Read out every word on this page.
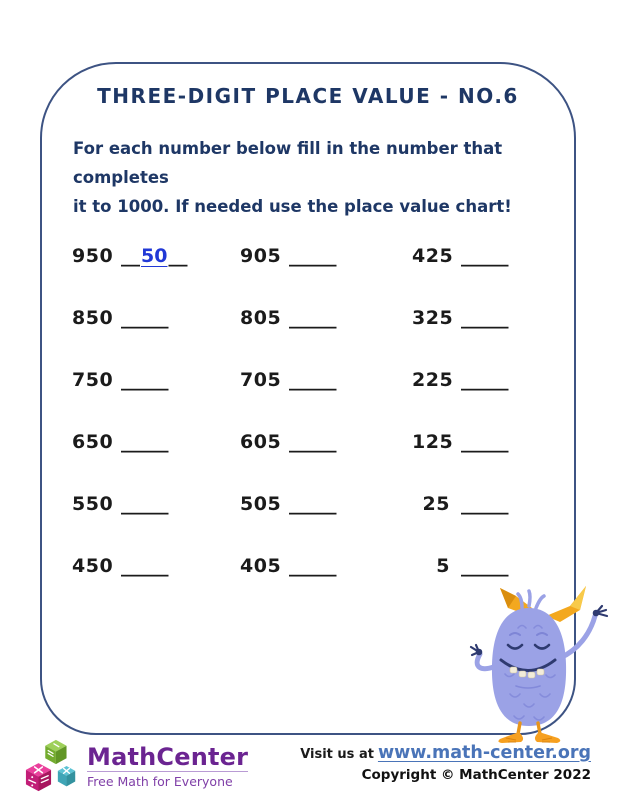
THREE-DIGIT PLACE VALUE - NO.6
For each number below fill in the number that completes
it to 1000. If needed use the place value chart!
950 __50__	905 _____	425 _____
850 _____	805 _____	325 _____
750 _____	705 _____	225 _____
650 _____	605 _____	125 _____
550 _____	505 _____	25 _____
450 _____	405 _____	5 _____
MathCenter
Free Math for Everyone
Visit us at www.math-center.org
Copyright © MathCenter 2022
